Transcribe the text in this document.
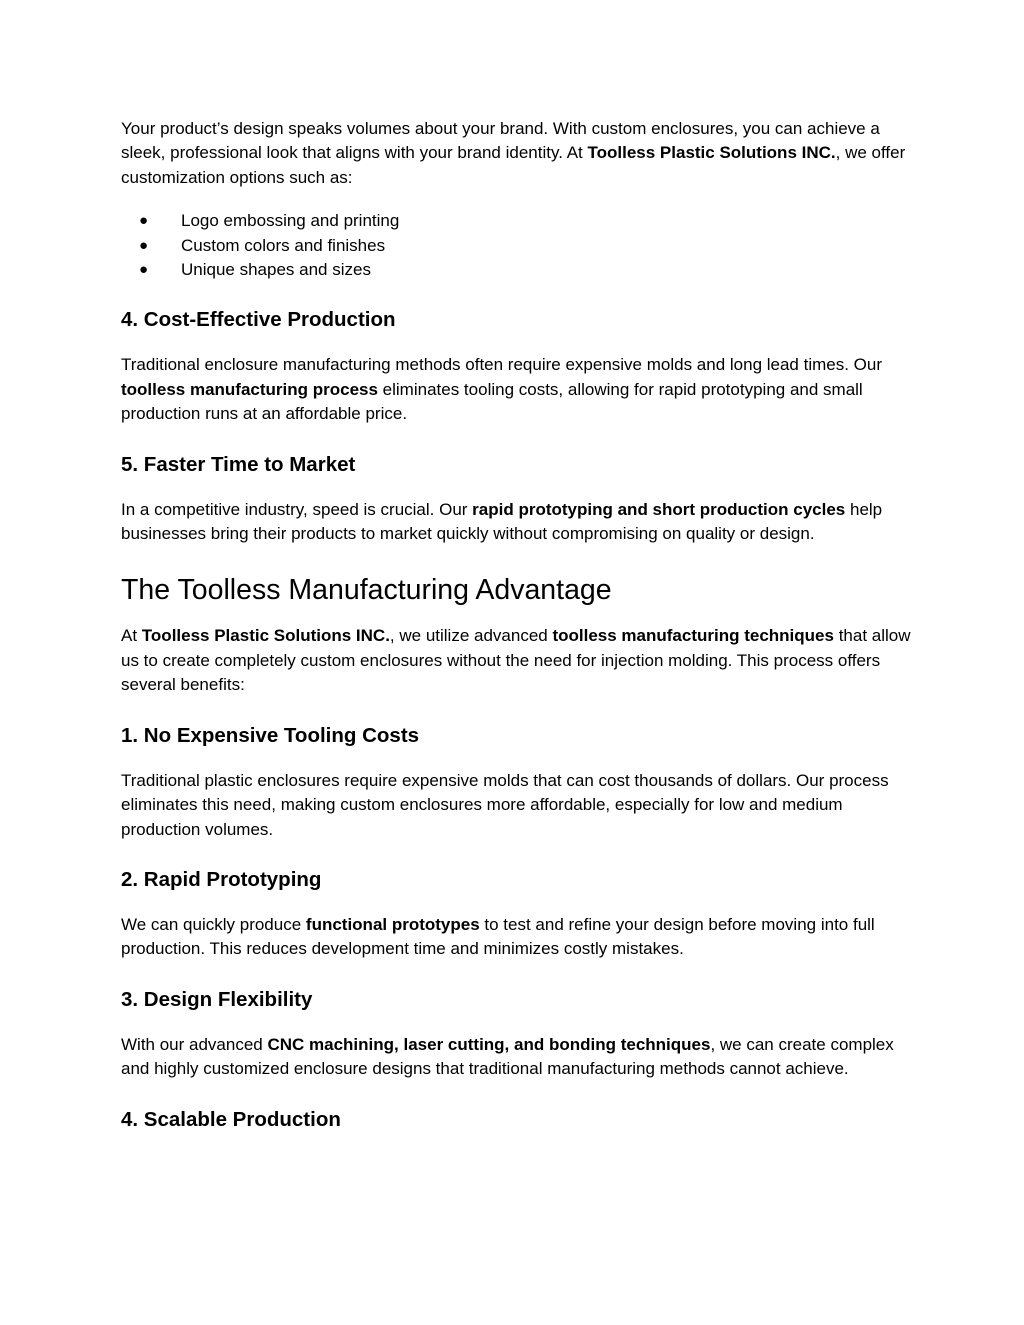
Your product’s design speaks volumes about your brand. With custom enclosures, you can achieve a sleek, professional look that aligns with your brand identity. At Toolless Plastic Solutions INC., we offer customization options such as:

● Logo embossing and printing
● Custom colors and finishes
● Unique shapes and sizes
4. Cost-Effective Production

Traditional enclosure manufacturing methods often require expensive molds and long lead times. Our toolless manufacturing process eliminates tooling costs, allowing for rapid prototyping and small production runs at an affordable price.

5. Faster Time to Market

In a competitive industry, speed is crucial. Our rapid prototyping and short production cycles help businesses bring their products to market quickly without compromising on quality or design.

The Toolless Manufacturing Advantage

At Toolless Plastic Solutions INC., we utilize advanced toolless manufacturing techniques that allow us to create completely custom enclosures without the need for injection molding. This process offers several benefits:

1. No Expensive Tooling Costs

Traditional plastic enclosures require expensive molds that can cost thousands of dollars. Our process eliminates this need, making custom enclosures more affordable, especially for low and medium production volumes.

2. Rapid Prototyping

We can quickly produce functional prototypes to test and refine your design before moving into full production. This reduces development time and minimizes costly mistakes.

3. Design Flexibility

With our advanced CNC machining, laser cutting, and bonding techniques, we can create complex and highly customized enclosure designs that traditional manufacturing methods cannot achieve.

4. Scalable Production
